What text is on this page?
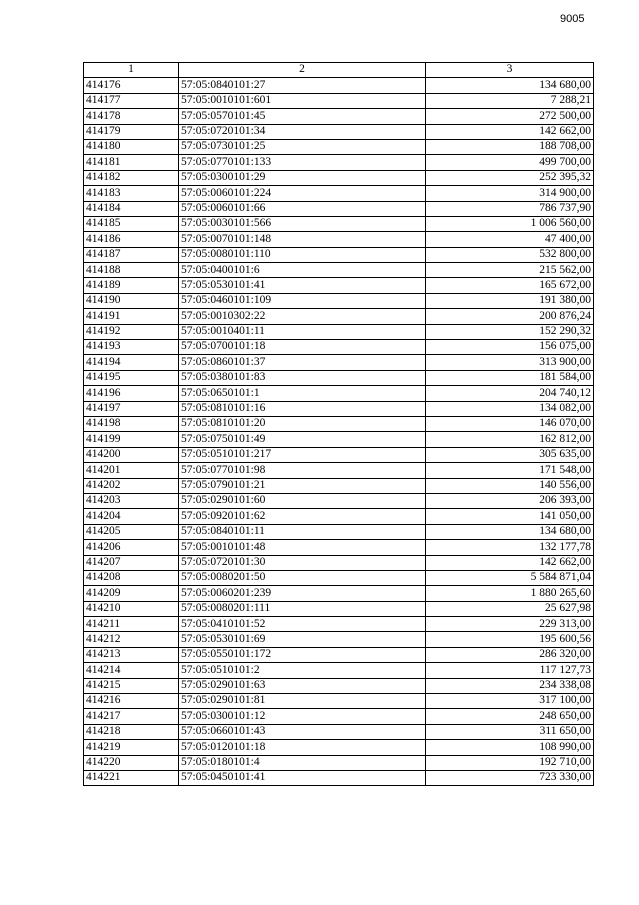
9005
1	2	3
414176	57:05:0840101:27	134 680,00
414177	57:05:0010101:601	7 288,21
414178	57:05:0570101:45	272 500,00
414179	57:05:0720101:34	142 662,00
414180	57:05:0730101:25	188 708,00
414181	57:05:0770101:133	499 700,00
414182	57:05:0300101:29	252 395,32
414183	57:05:0060101:224	314 900,00
414184	57:05:0060101:66	786 737,90
414185	57:05:0030101:566	1 006 560,00
414186	57:05:0070101:148	47 400,00
414187	57:05:0080101:110	532 800,00
414188	57:05:0400101:6	215 562,00
414189	57:05:0530101:41	165 672,00
414190	57:05:0460101:109	191 380,00
414191	57:05:0010302:22	200 876,24
414192	57:05:0010401:11	152 290,32
414193	57:05:0700101:18	156 075,00
414194	57:05:0860101:37	313 900,00
414195	57:05:0380101:83	181 584,00
414196	57:05:0650101:1	204 740,12
414197	57:05:0810101:16	134 082,00
414198	57:05:0810101:20	146 070,00
414199	57:05:0750101:49	162 812,00
414200	57:05:0510101:217	305 635,00
414201	57:05:0770101:98	171 548,00
414202	57:05:0790101:21	140 556,00
414203	57:05:0290101:60	206 393,00
414204	57:05:0920101:62	141 050,00
414205	57:05:0840101:11	134 680,00
414206	57:05:0010101:48	132 177,78
414207	57:05:0720101:30	142 662,00
414208	57:05:0080201:50	5 584 871,04
414209	57:05:0060201:239	1 880 265,60
414210	57:05:0080201:111	25 627,98
414211	57:05:0410101:52	229 313,00
414212	57:05:0530101:69	195 600,56
414213	57:05:0550101:172	286 320,00
414214	57:05:0510101:2	117 127,73
414215	57:05:0290101:63	234 338,08
414216	57:05:0290101:81	317 100,00
414217	57:05:0300101:12	248 650,00
414218	57:05:0660101:43	311 650,00
414219	57:05:0120101:18	108 990,00
414220	57:05:0180101:4	192 710,00
414221	57:05:0450101:41	723 330,00
